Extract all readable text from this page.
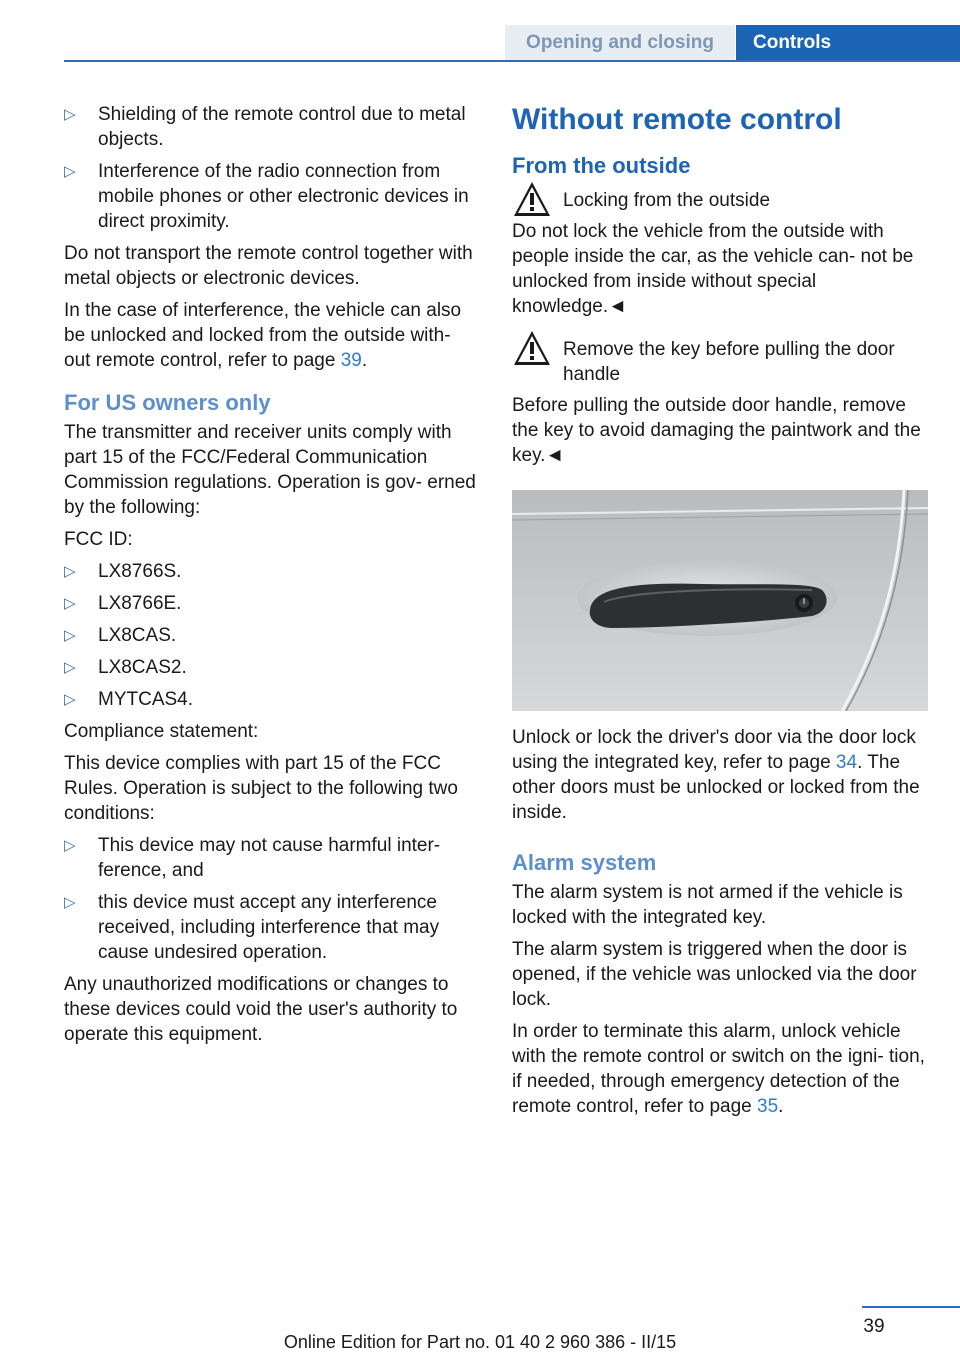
Opening and closing	Controls
▷ Shielding of the remote control due to metal objects.
▷ Interference of the radio connection from mobile phones or other electronic devices in direct proximity.

Do not transport the remote control together with metal objects or electronic devices.

In the case of interference, the vehicle can also be unlocked and locked from the outside with‐ out remote control, refer to page 39.

For US owners only

The transmitter and receiver units comply with part 15 of the FCC/Federal Communication Commission regulations. Operation is gov‐ erned by the following:

FCC ID:

▷ LX8766S.
▷ LX8766E.
▷ LX8CAS.
▷ LX8CAS2.
▷ MYTCAS4.

Compliance statement:

This device complies with part 15 of the FCC Rules. Operation is subject to the following two conditions:

▷ This device may not cause harmful inter‐ ference, and
▷ this device must accept any interference received, including interference that may cause undesired operation.

Any unauthorized modifications or changes to these devices could void the user's authority to operate this equipment.

Without remote control
From the outside
Locking from the outside

Do not lock the vehicle from the outside with people inside the car, as the vehicle can‐ not be unlocked from inside without special knowledge.◄

Remove the key before pulling the door handle

Before pulling the outside door handle, remove the key to avoid damaging the paintwork and the key.◄

Unlock or lock the driver's door via the door lock using the integrated key, refer to page 34. The other doors must be unlocked or locked from the inside.

Alarm system

The alarm system is not armed if the vehicle is locked with the integrated key.

The alarm system is triggered when the door is opened, if the vehicle was unlocked via the door lock.

In order to terminate this alarm, unlock vehicle with the remote control or switch on the igni‐ tion, if needed, through emergency detection of the remote control, refer to page 35.

39
Online Edition for Part no. 01 40 2 960 386 - II/15
